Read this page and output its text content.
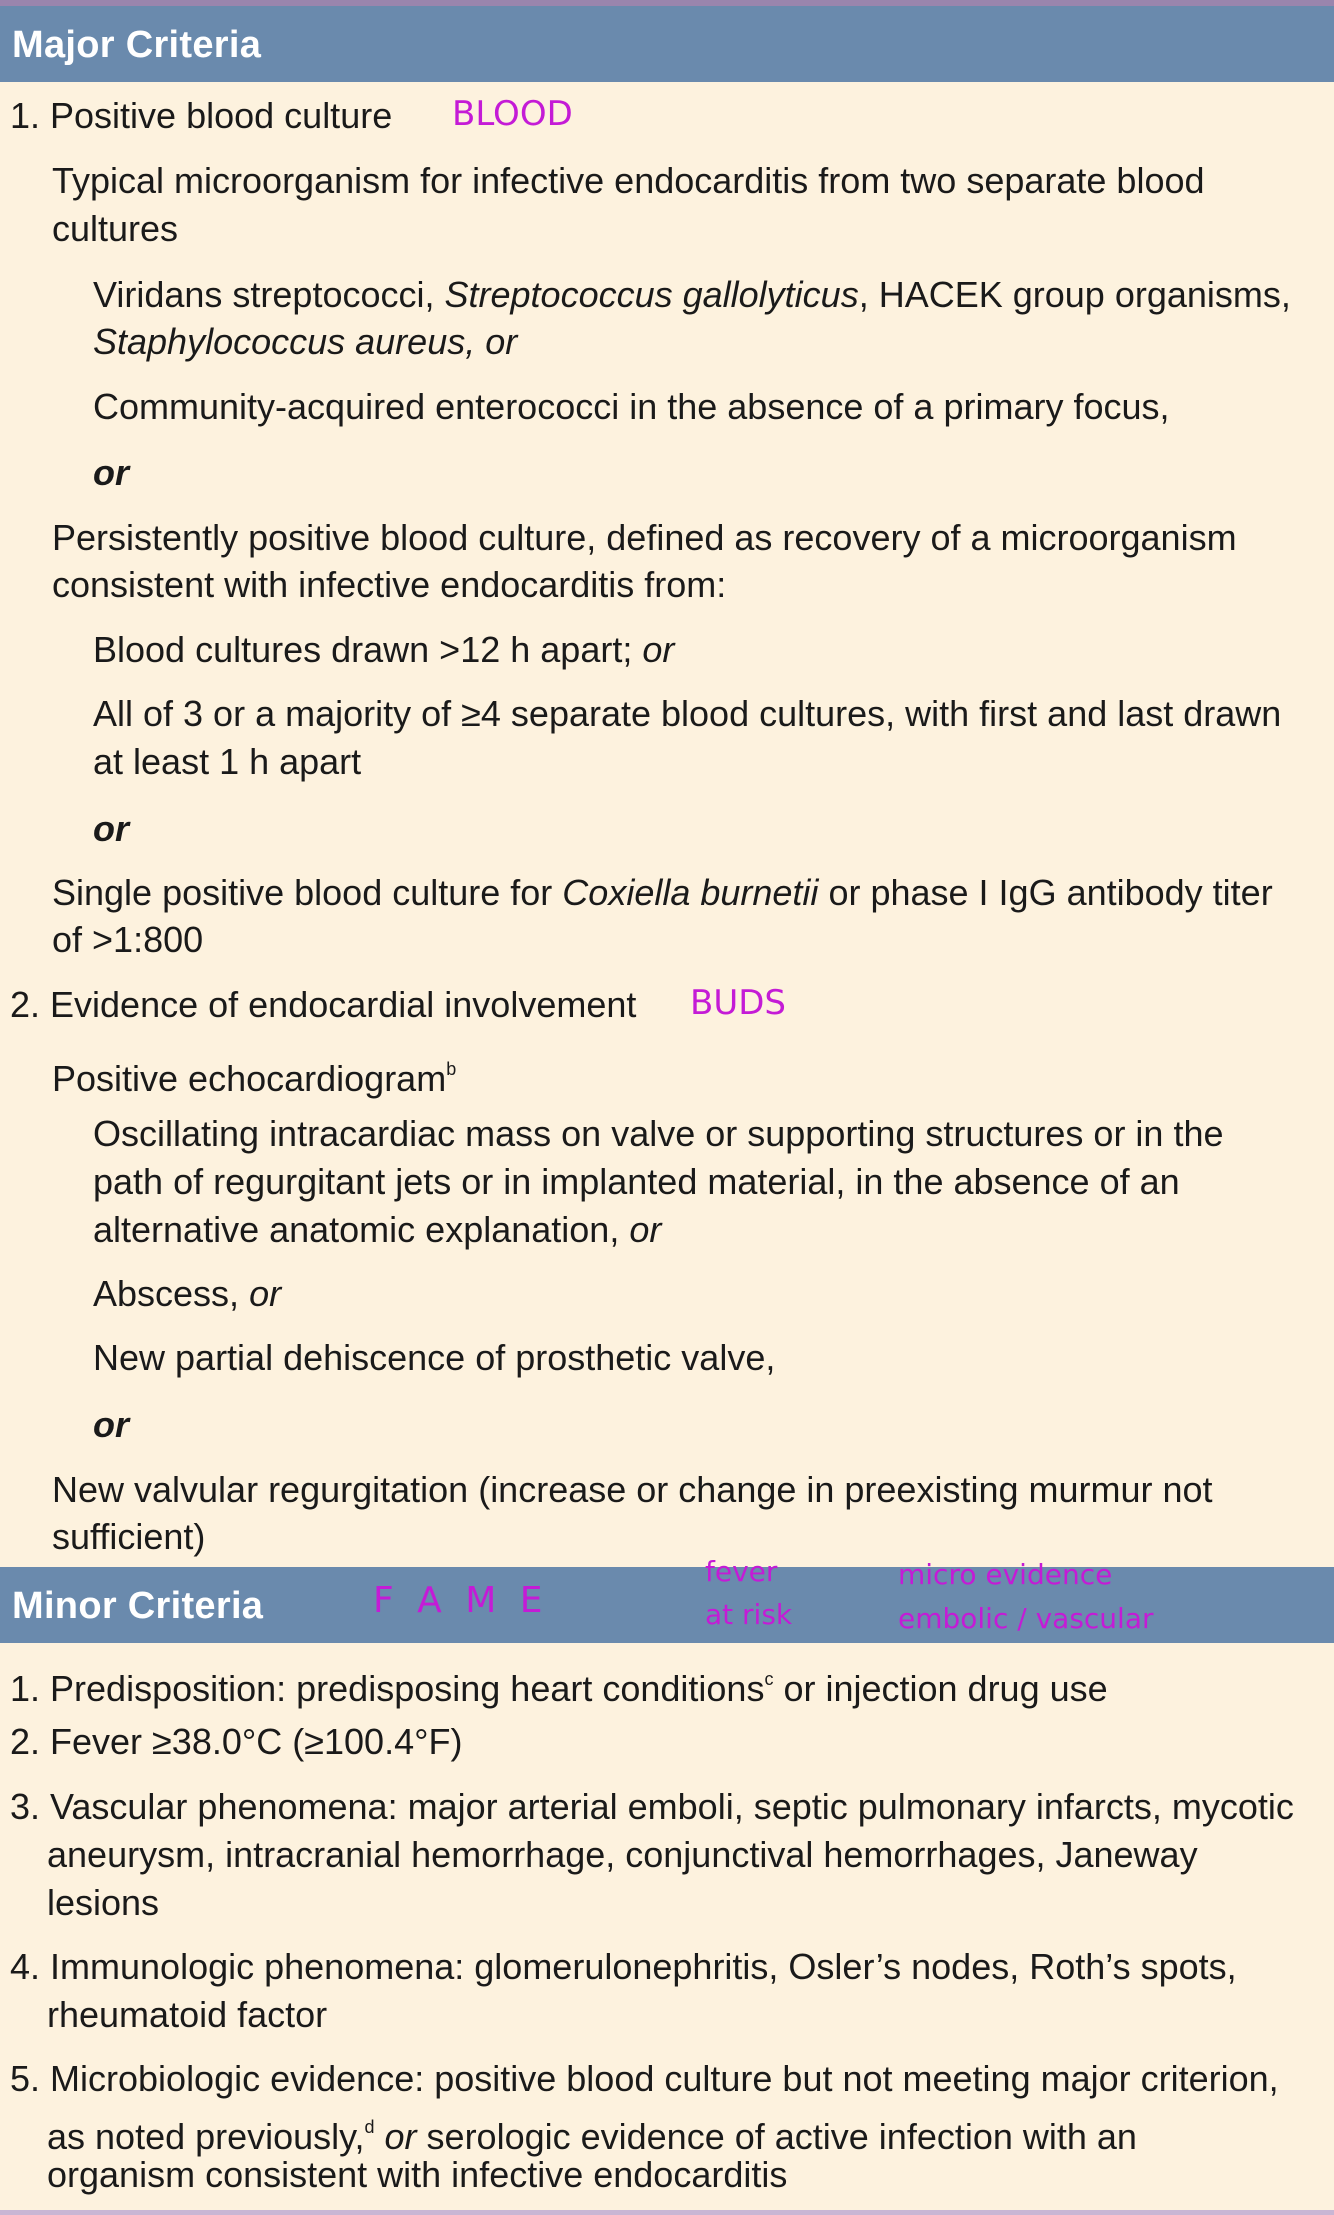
Major Criteria
1. Positive blood culture BLOOD
Typical microorganism for infective endocarditis from two separate blood
cultures
Viridans streptococci, Streptococcus gallolyticus, HACEK group organisms,
Staphylococcus aureus, or
Community-acquired enterococci in the absence of a primary focus,
or
Persistently positive blood culture, defined as recovery of a microorganism
consistent with infective endocarditis from:
Blood cultures drawn >12 h apart; or
All of 3 or a majority of ≥4 separate blood cultures, with first and last drawn
at least 1 h apart
or
Single positive blood culture for Coxiella burnetii or phase I IgG antibody titer
of >1:800
2. Evidence of endocardial involvement BUDS
Positive echocardiogram$^b$
Oscillating intracardiac mass on valve or supporting structures or in the
path of regurgitant jets or in implanted material, in the absence of an
alternative anatomic explanation, or
Abscess, or
New partial dehiscence of prosthetic valve,
or
New valvular regurgitation (increase or change in preexisting murmur not
sufficient)
Minor Criteria	F A M E
fever
at risk
micro evidence
embolic / vascular
1. Predisposition: predisposing heart conditions$^c$ or injection drug use
2. Fever ≥38.0°C (≥100.4°F)
3. Vascular phenomena: major arterial emboli, septic pulmonary infarcts, mycotic
aneurysm, intracranial hemorrhage, conjunctival hemorrhages, Janeway
lesions
4. Immunologic phenomena: glomerulonephritis, Osler’s nodes, Roth’s spots,
rheumatoid factor
5. Microbiologic evidence: positive blood culture but not meeting major criterion,
as noted previously,$^d$ or serologic evidence of active infection with an
organism consistent with infective endocarditis
